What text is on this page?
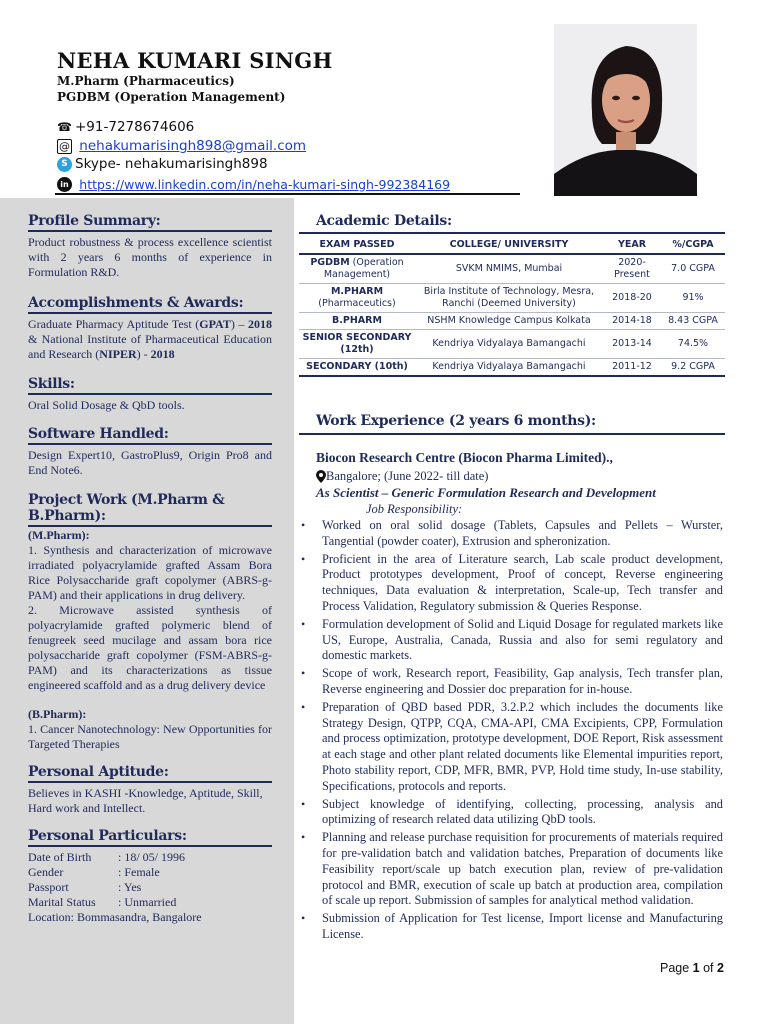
NEHA KUMARI SINGH
M.Pharm (Pharmaceutics)
PGDBM (Operation Management)
☎ +91-7278674606
@
nehakumarisingh898@gmail.com
S Skype- nehakumarisingh898
in
https://www.linkedin.com/in/neha-kumari-singh-992384169
Profile Summary:
Product robustness & process excellence scientist with 2 years 6 months of experience in Formulation R&D.
Accomplishments & Awards:
Graduate Pharmacy Aptitude Test (GPAT) – 2018 & National Institute of Pharmaceutical Education and Research (NIPER) - 2018
Skills:
Oral Solid Dosage & QbD tools.
Software Handled:
Design Expert10, GastroPlus9, Origin Pro8 and End Note6.
Project Work (M.Pharm & B.Pharm):
(M.Pharm):
1. Synthesis and characterization of microwave irradiated polyacrylamide grafted Assam Bora Rice Polysaccharide graft copolymer (ABRS-g-PAM) and their applications in drug delivery.
2. Microwave assisted synthesis of polyacrylamide grafted polymeric blend of fenugreek seed mucilage and assam bora rice polysaccharide graft copolymer (FSM-ABRS-g-PAM) and its characterizations as tissue engineered scaffold and as a drug delivery device
(B.Pharm):
1. Cancer Nanotechnology: New Opportunities for Targeted Therapies
Personal Aptitude:
Believes in KASHI -Knowledge, Aptitude, Skill, Hard work and Intellect.
Personal Particulars:
Date of Birth	: 18/ 05/ 1996
Gender	: Female
Passport	: Yes
Marital Status	: Unmarried
Location: Bommasandra, Bangalore
Academic Details:
EXAM PASSED	COLLEGE/ UNIVERSITY	YEAR	%/CGPA
PGDBM (Operation Management)	SVKM NMIMS, Mumbai	2020-Present	7.0 CGPA
M.PHARM
(Pharmaceutics)	Birla Institute of Technology, Mesra, Ranchi (Deemed University)	2018-20	91%
B.PHARM	NSHM Knowledge Campus Kolkata	2014-18	8.43 CGPA
SENIOR SECONDARY (12th)	Kendriya Vidyalaya Bamangachi	2013-14	74.5%
SECONDARY (10th)	Kendriya Vidyalaya Bamangachi	2011-12	9.2 CGPA
Work Experience (2 years 6 months):
Biocon Research Centre (Biocon Pharma Limited).,
Bangalore; (June 2022- till date)
As Scientist – Generic Formulation Research and Development
Job Responsibility:
• Worked on oral solid dosage (Tablets, Capsules and Pellets – Wurster, Tangential (powder coater), Extrusion and spheronization.
• Proficient in the area of Literature search, Lab scale product development, Product prototypes development, Proof of concept, Reverse engineering techniques, Data evaluation & interpretation, Scale-up, Tech transfer and Process Validation, Regulatory submission & Queries Response.
• Formulation development of Solid and Liquid Dosage for regulated markets like US, Europe, Australia, Canada, Russia and also for semi regulatory and domestic markets.
• Scope of work, Research report, Feasibility, Gap analysis, Tech transfer plan, Reverse engineering and Dossier doc preparation for in-house.
• Preparation of QBD based PDR, 3.2.P.2 which includes the documents like Strategy Design, QTPP, CQA, CMA-API, CMA Excipients, CPP, Formulation and process optimization, prototype development, DOE Report, Risk assessment at each stage and other plant related documents like Elemental impurities report, Photo stability report, CDP, MFR, BMR, PVP, Hold time study, In-use stability, Specifications, protocols and reports.
• Subject knowledge of identifying, collecting, processing, analysis and optimizing of research related data utilizing QbD tools.
• Planning and release purchase requisition for procurements of materials required for pre-validation batch and validation batches, Preparation of documents like Feasibility report/scale up batch execution plan, review of pre-validation protocol and BMR, execution of scale up batch at production area, compilation of scale up report. Submission of samples for analytical method validation.
• Submission of Application for Test license, Import license and Manufacturing License.
Page 1 of 2
